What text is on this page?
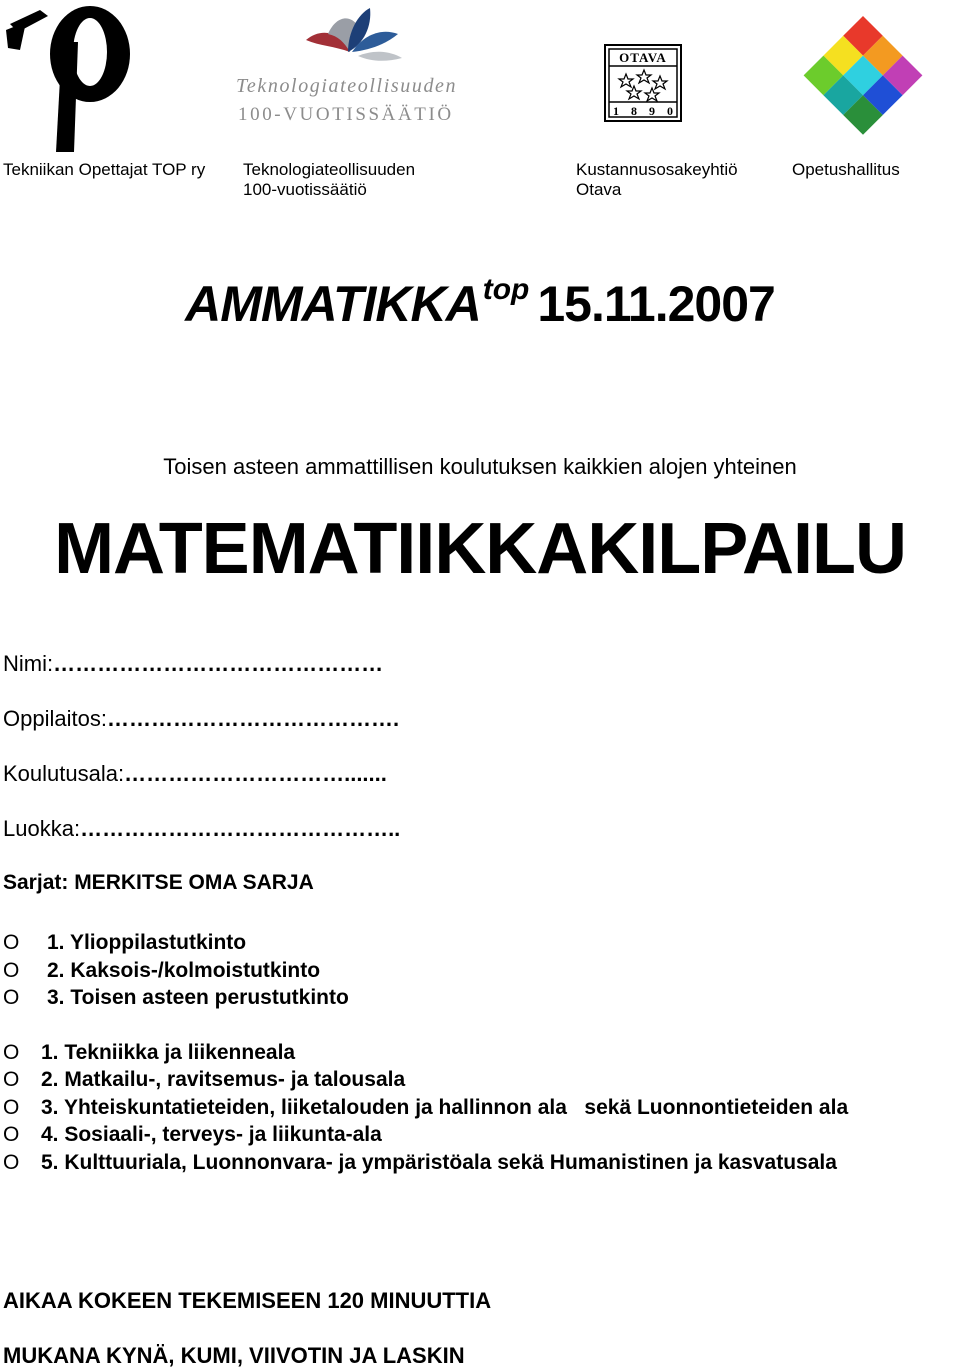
Teknologiateollisuuden
100-VUOTISSÄÄTIÖ
OTAVA
1 8 9 0
Tekniikan Opettajat TOP ry Teknologiateollisuuden
100-vuotissäätiö
Kustannusosakeyhtiö
Otava
Opetushallitus
AMMATIKKAtop 15.11.2007
Toisen asteen ammattillisen koulutuksen kaikkien alojen yhteinen
MATEMATIIKKAKILPAILU
Nimi:………………………………………
Oppilaitos:………………………………….
Koulutusala:………………………….......
Luokka:……………………………………..
Sarjat: MERKITSE OMA SARJA
O 1. Ylioppilastutkinto
O 2. Kaksois-/kolmoistutkinto
O 3. Toisen asteen perustutkinto
O 1. Tekniikka ja liikenneala
O 2. Matkailu-, ravitsemus- ja talousala
O 3. Yhteiskuntatieteiden, liiketalouden ja hallinnon ala   sekä Luonnontieteiden ala
O 4. Sosiaali-, terveys- ja liikunta-ala
O 5. Kulttuuriala, Luonnonvara- ja ympäristöala sekä Humanistinen ja kasvatusala
AIKAA KOKEEN TEKEMISEEN 120 MINUUTTIA
MUKANA KYNÄ, KUMI, VIIVOTIN JA LASKIN
